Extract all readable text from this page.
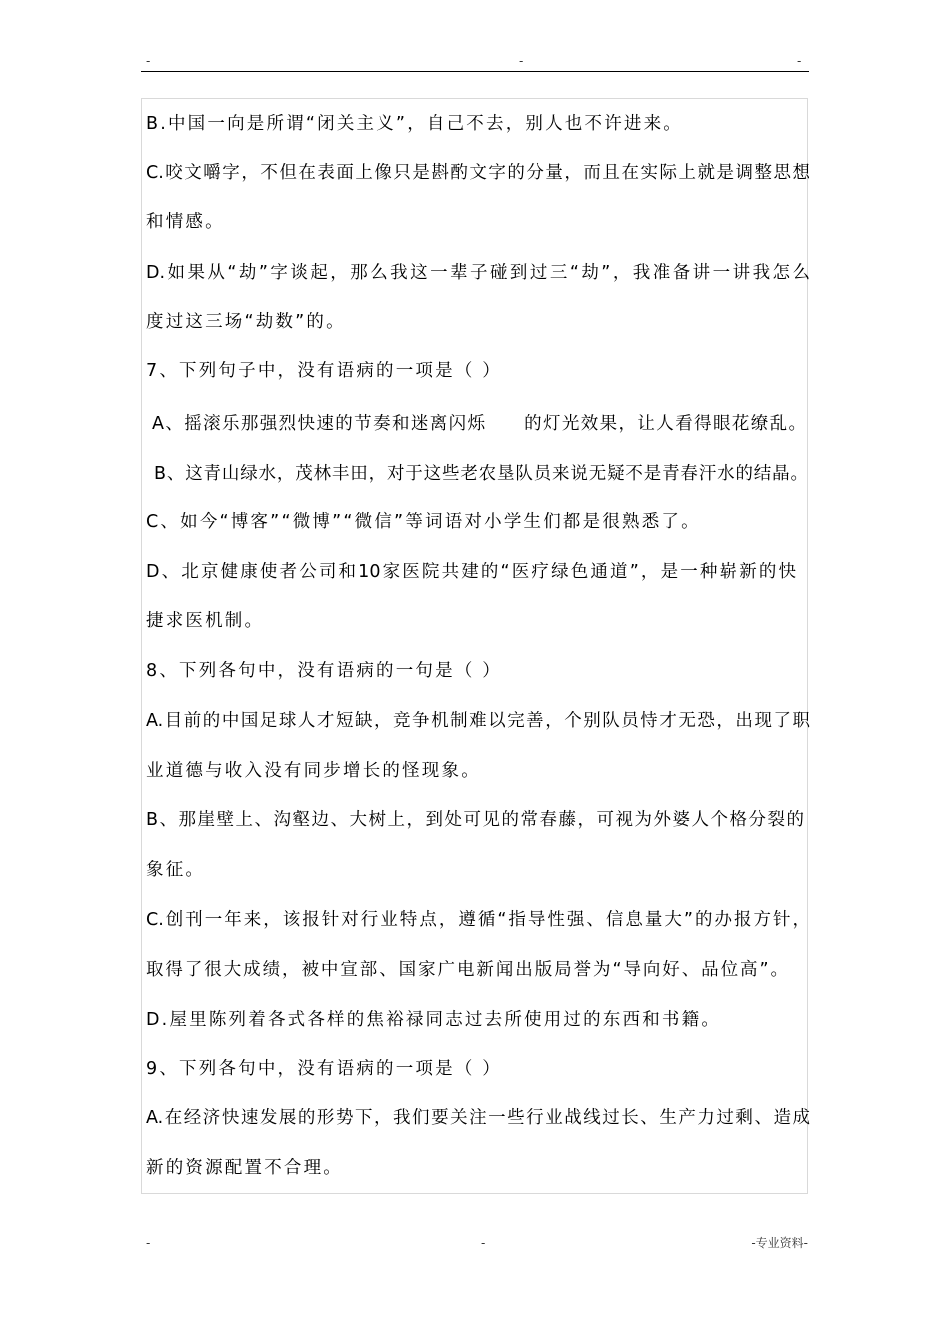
-	-	-
B.中国一向是所谓“闭关主义”，自己不去，别人也不许进来。
C.咬文嚼字，不但在表面上像只是斟酌文字的分量，而且在实际上就是调整思想
和情感。
D.如果从“劫”字谈起，那么我这一辈子碰到过三“劫”，我准备讲一讲我怎么
度过这三场“劫数”的。
7、下列句子中，没有语病的一项是（ ）
A、摇滚乐那强烈快速的节奏和迷离闪烁　　的灯光效果，让人看得眼花缭乱。
B、这青山绿水，茂林丰田，对于这些老农垦队员来说无疑不是青春汗水的结晶。
C、如今“博客”“微博”“微信”等词语对小学生们都是很熟悉了。
D、北京健康使者公司和10家医院共建的“医疗绿色通道”，是一种崭新的快
捷求医机制。
8、下列各句中，没有语病的一句是（ ）
A.目前的中国足球人才短缺，竞争机制难以完善，个别队员恃才无恐，出现了职
业道德与收入没有同步增长的怪现象。
B、那崖壁上、沟壑边、大树上，到处可见的常春藤，可视为外婆人个格分裂的
象征。
C.创刊一年来，该报针对行业特点，遵循“指导性强、信息量大”的办报方针，
取得了很大成绩，被中宣部、国家广电新闻出版局誉为“导向好、品位高”。
D.屋里陈列着各式各样的焦裕禄同志过去所使用过的东西和书籍。
9、下列各句中，没有语病的一项是（ ）
A.在经济快速发展的形势下，我们要关注一些行业战线过长、生产力过剩、造成
新的资源配置不合理。
-	-	-专业资料-
